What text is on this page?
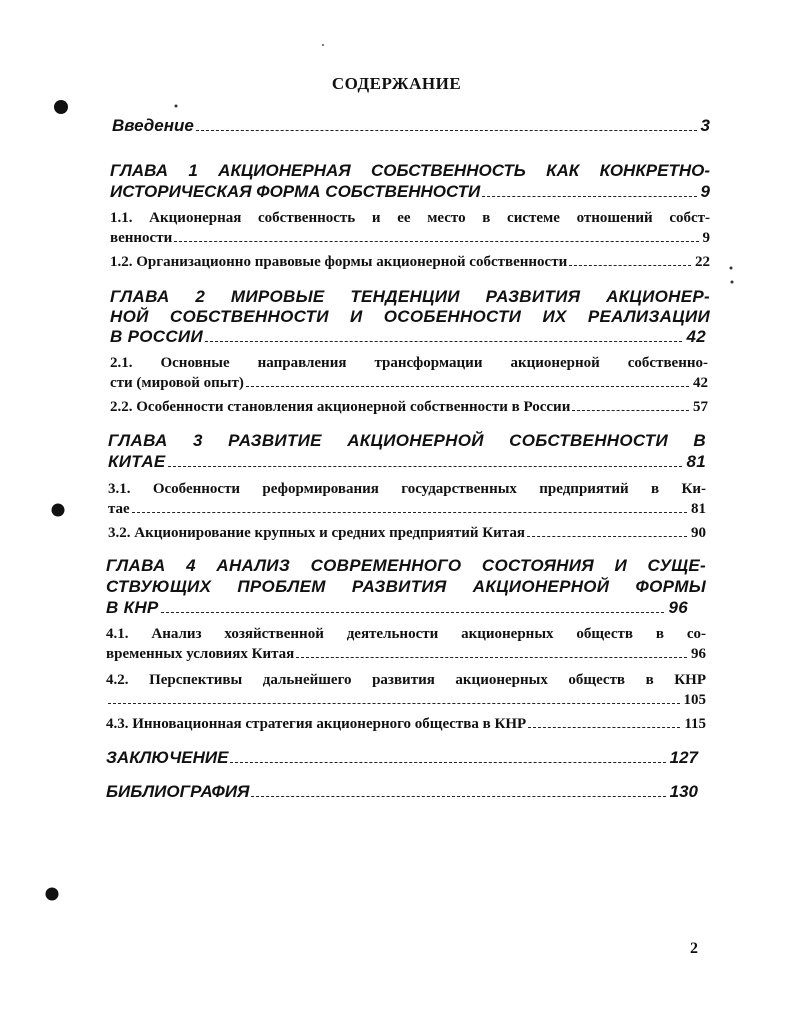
СОДЕРЖАНИЕ
Введение	3
ГЛАВА 1 АКЦИОНЕРНАЯ СОБСТВЕННОСТЬ КАК КОНКРЕТНО-
ИСТОРИЧЕСКАЯ ФОРМА СОБСТВЕННОСТИ	9
1.1. Акционерная собственность и ее место в системе отношений собст-
венности	9
1.2. Организационно правовые формы акционерной собственности	22
ГЛАВА 2 МИРОВЫЕ ТЕНДЕНЦИИ РАЗВИТИЯ АКЦИОНЕР-
НОЙ СОБСТВЕННОСТИ И ОСОБЕННОСТИ ИХ РЕАЛИЗАЦИИ
В РОССИИ	42
2.1. Основные направления трансформации акционерной собственно-
сти (мировой опыт)	42
2.2. Особенности становления акционерной собственности в России	57
ГЛАВА 3 РАЗВИТИЕ АКЦИОНЕРНОЙ СОБСТВЕННОСТИ В
КИТАЕ	81
3.1. Особенности реформирования государственных предприятий в Ки-
тае	81
3.2. Акционирование крупных и средних предприятий Китая	90
ГЛАВА 4 АНАЛИЗ СОВРЕМЕННОГО СОСТОЯНИЯ И СУЩЕ-
СТВУЮЩИХ ПРОБЛЕМ РАЗВИТИЯ АКЦИОНЕРНОЙ ФОРМЫ
В КНР	96
4.1. Анализ хозяйственной деятельности акционерных обществ в со-
временных условиях Китая	96
4.2. Перспективы дальнейшего развития акционерных обществ в КНР
105
4.3. Инновационная стратегия акционерного общества в КНР	115
ЗАКЛЮЧЕНИЕ	127
БИБЛИОГРАФИЯ	130
2
